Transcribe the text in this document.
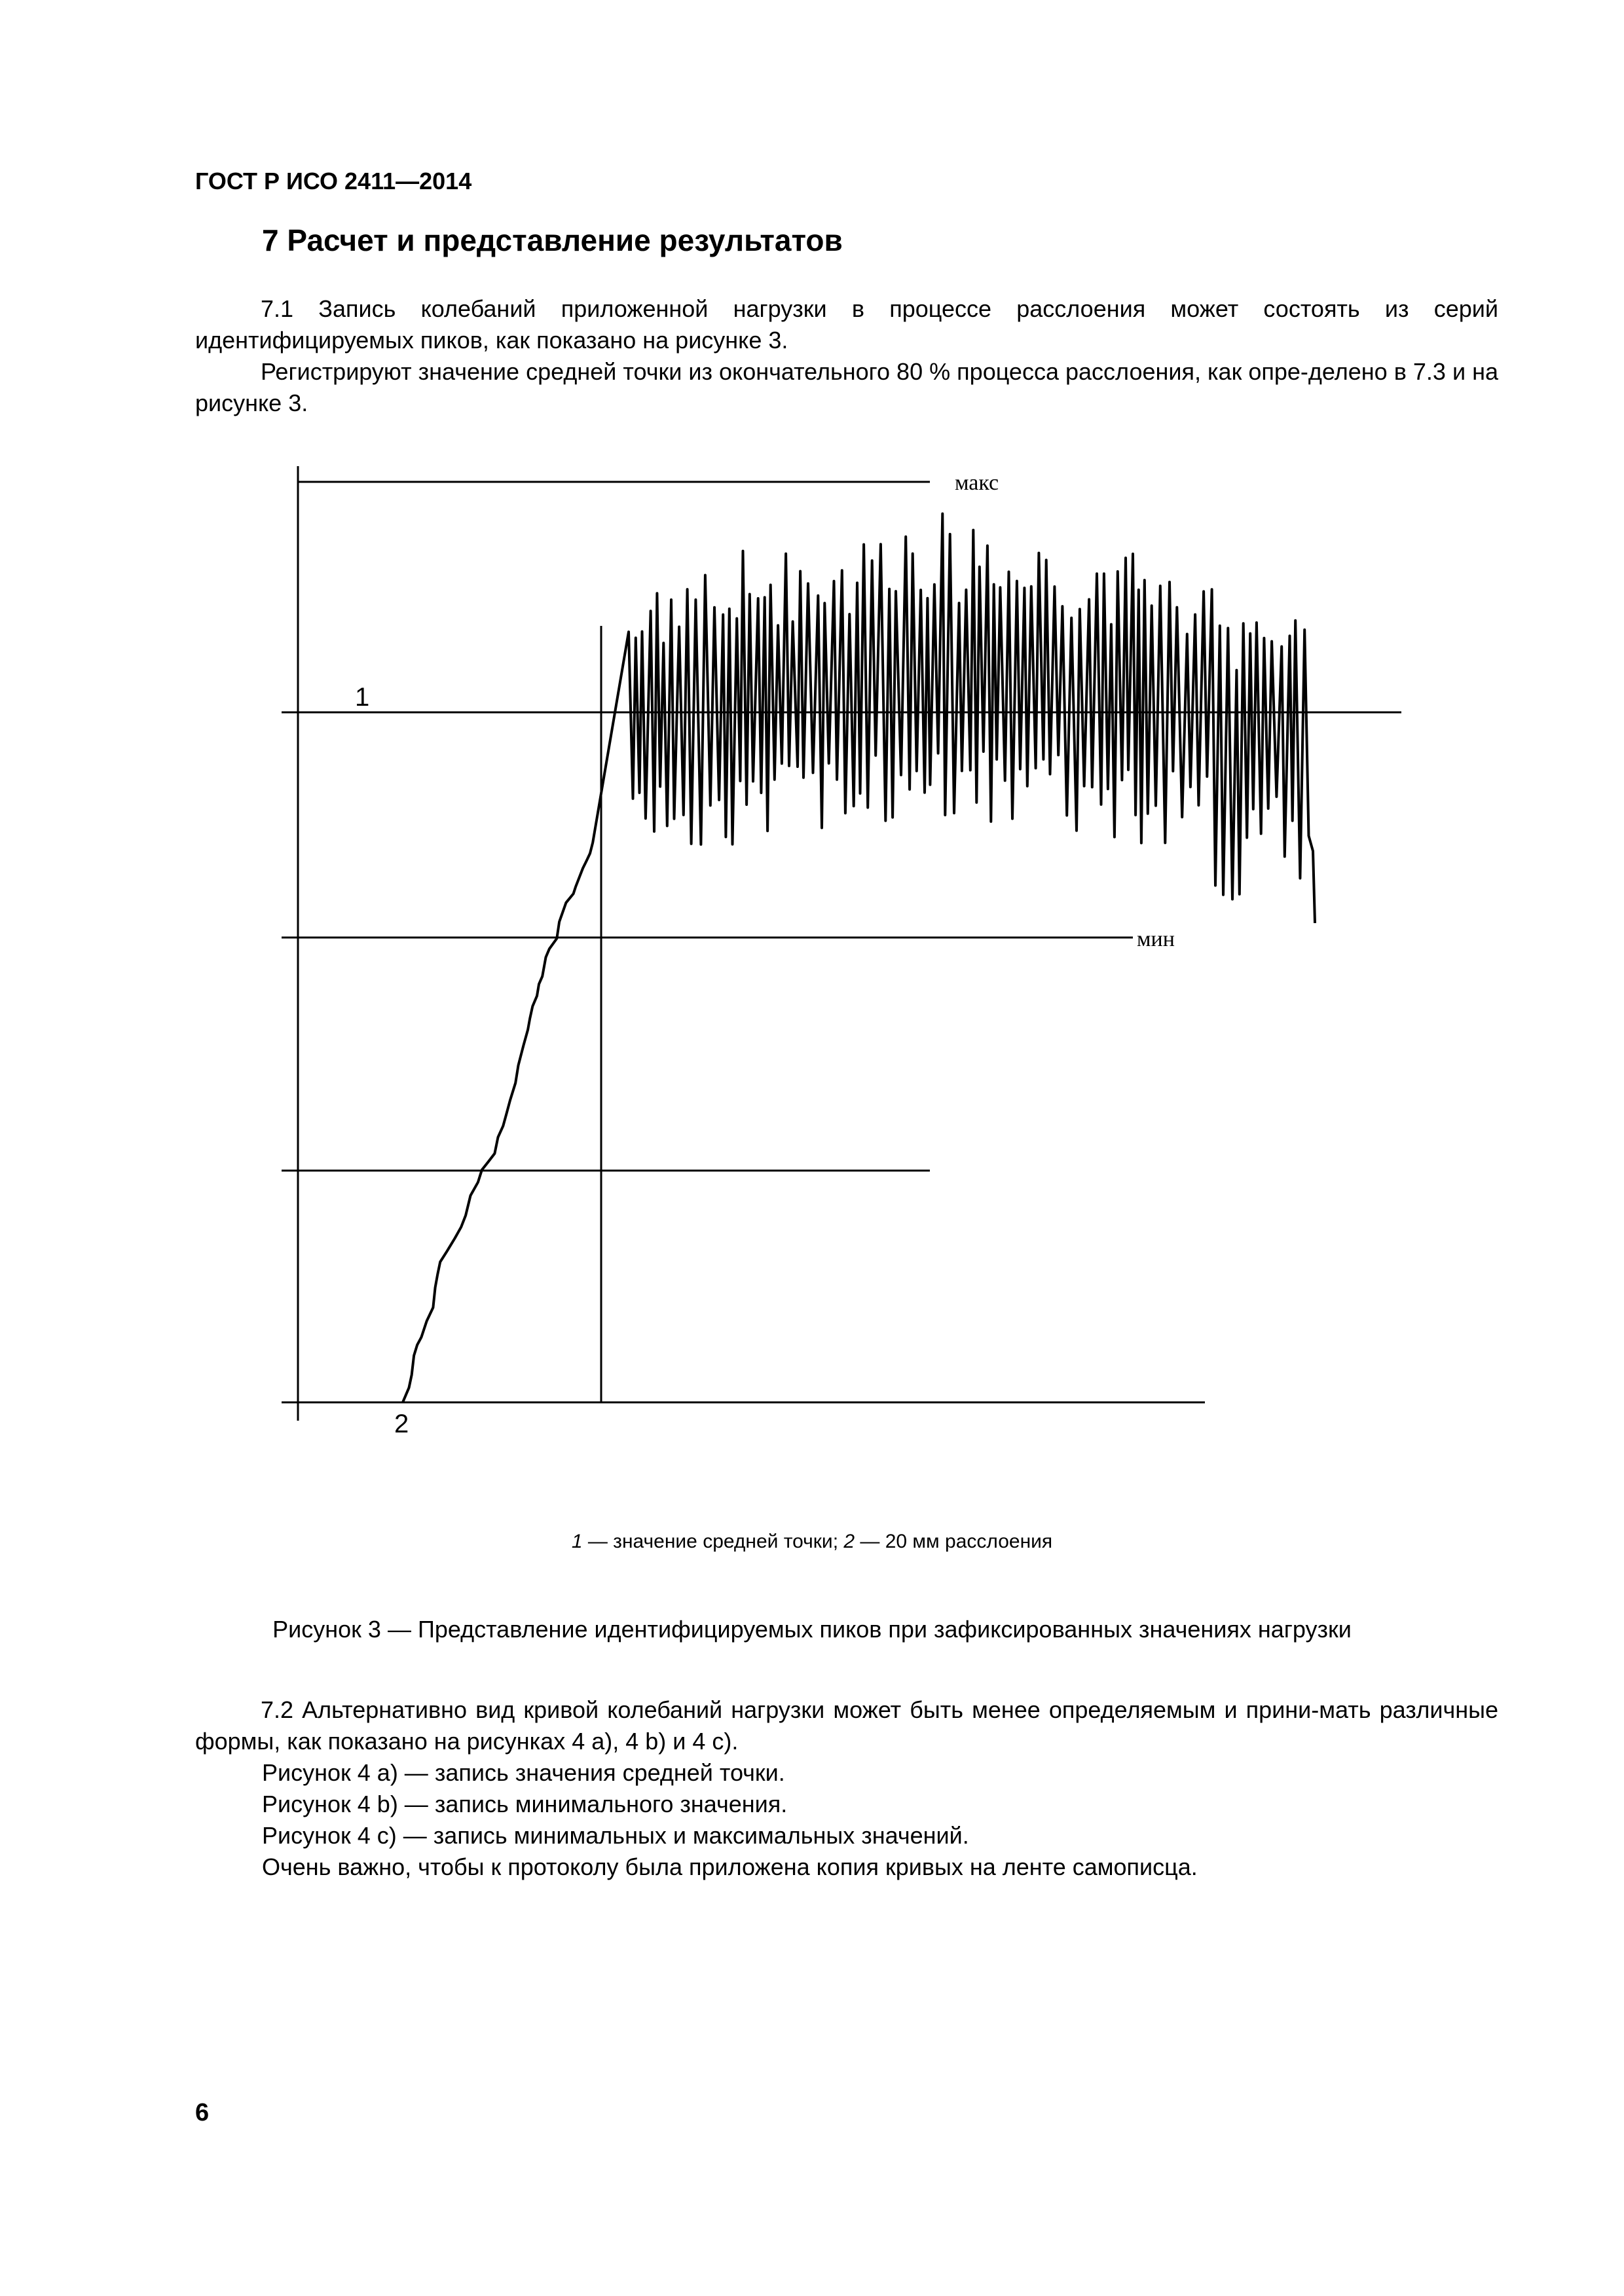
ГОСТ Р ИСО 2411—2014
7 Расчет и представление результатов
7.1 Запись колебаний приложенной нагрузки в процессе расслоения может состоять из серий идентифицируемых пиков, как показано на рисунке 3.
Регистрируют значение средней точки из окончательного 80 % процесса расслоения, как опре-делено в 7.3 и на рисунке 3.
макс
мин
1
2
1 — значение средней точки; 2 — 20 мм расслоения
Рисунок 3 — Представление идентифицируемых пиков при зафиксированных значениях нагрузки
7.2 Альтернативно вид кривой колебаний нагрузки может быть менее определяемым и прини-мать различные формы, как показано на рисунках 4 а), 4 b) и 4 с).
Рисунок 4 а) — запись значения средней точки.
Рисунок 4 b) — запись минимального значения.
Рисунок 4 с) — запись минимальных и максимальных значений.
Очень важно, чтобы к протоколу была приложена копия кривых на ленте самописца.
6
